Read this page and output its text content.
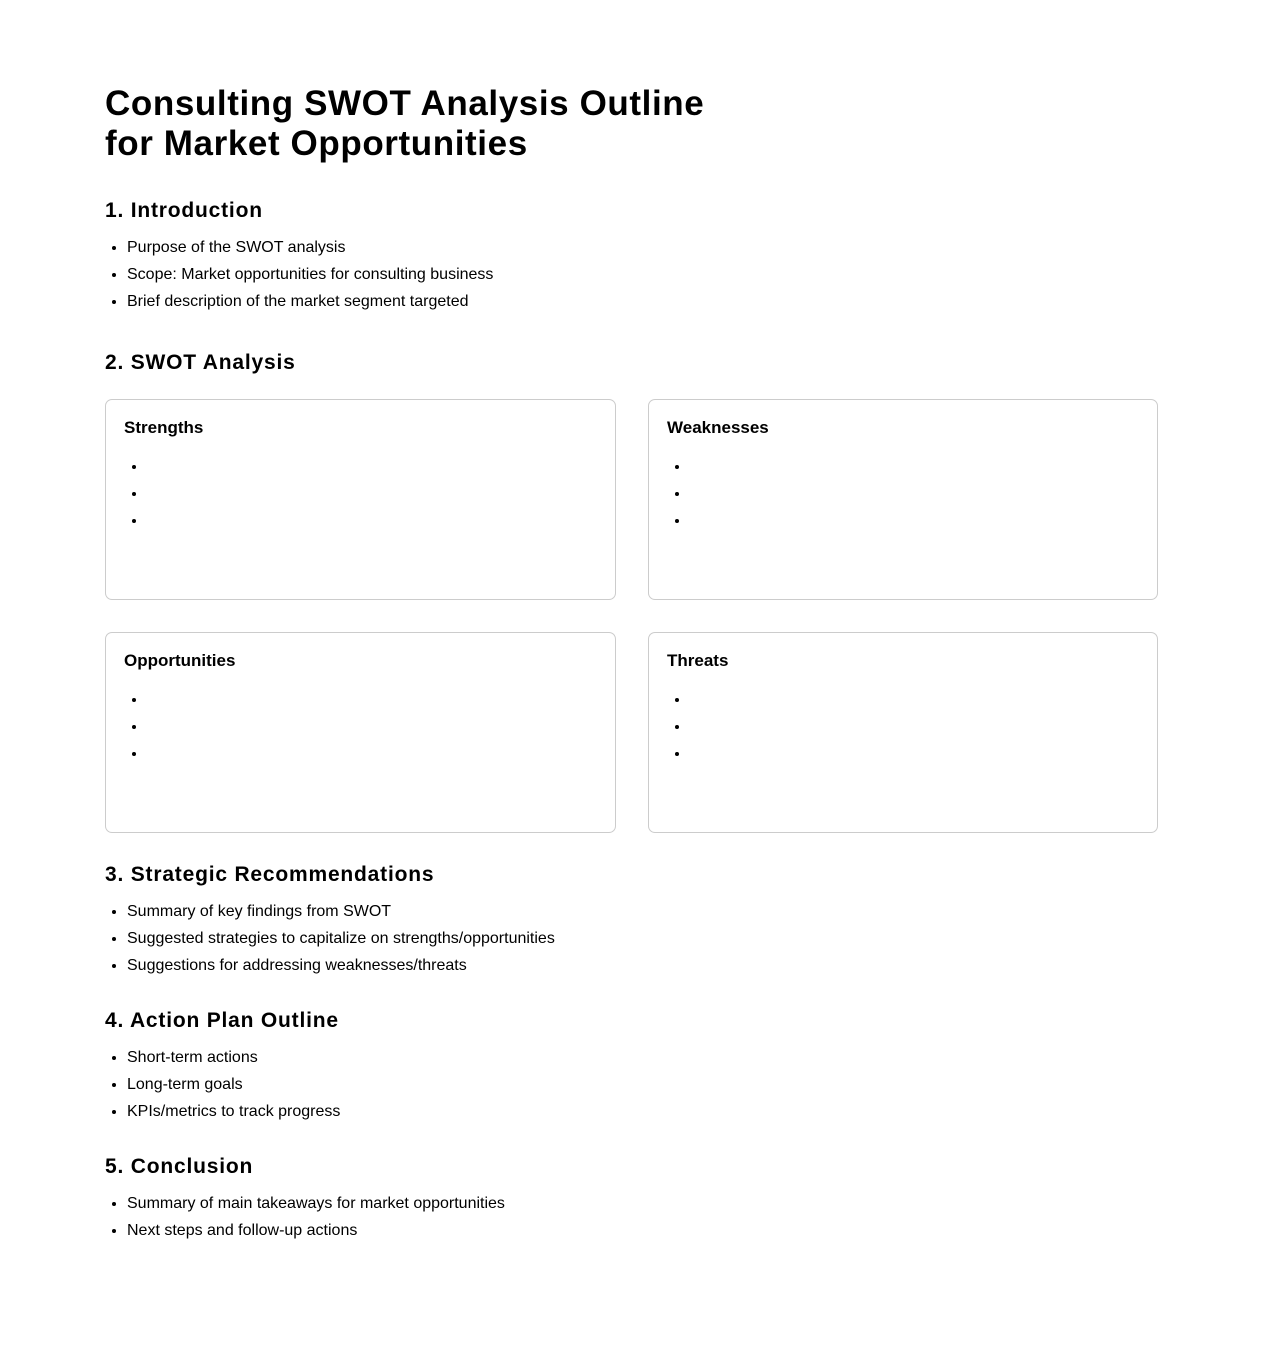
Consulting SWOT Analysis Outline
for Market Opportunities
1. Introduction
• Purpose of the SWOT analysis
• Scope: Market opportunities for consulting business
• Brief description of the market segment targeted
2. SWOT Analysis
Strengths
•
•
•	Weaknesses
•
•
•
Opportunities
•
•
•	Threats
•
•
•
3. Strategic Recommendations
• Summary of key findings from SWOT
• Suggested strategies to capitalize on strengths/opportunities
• Suggestions for addressing weaknesses/threats
4. Action Plan Outline
• Short-term actions
• Long-term goals
• KPIs/metrics to track progress
5. Conclusion
• Summary of main takeaways for market opportunities
• Next steps and follow-up actions
